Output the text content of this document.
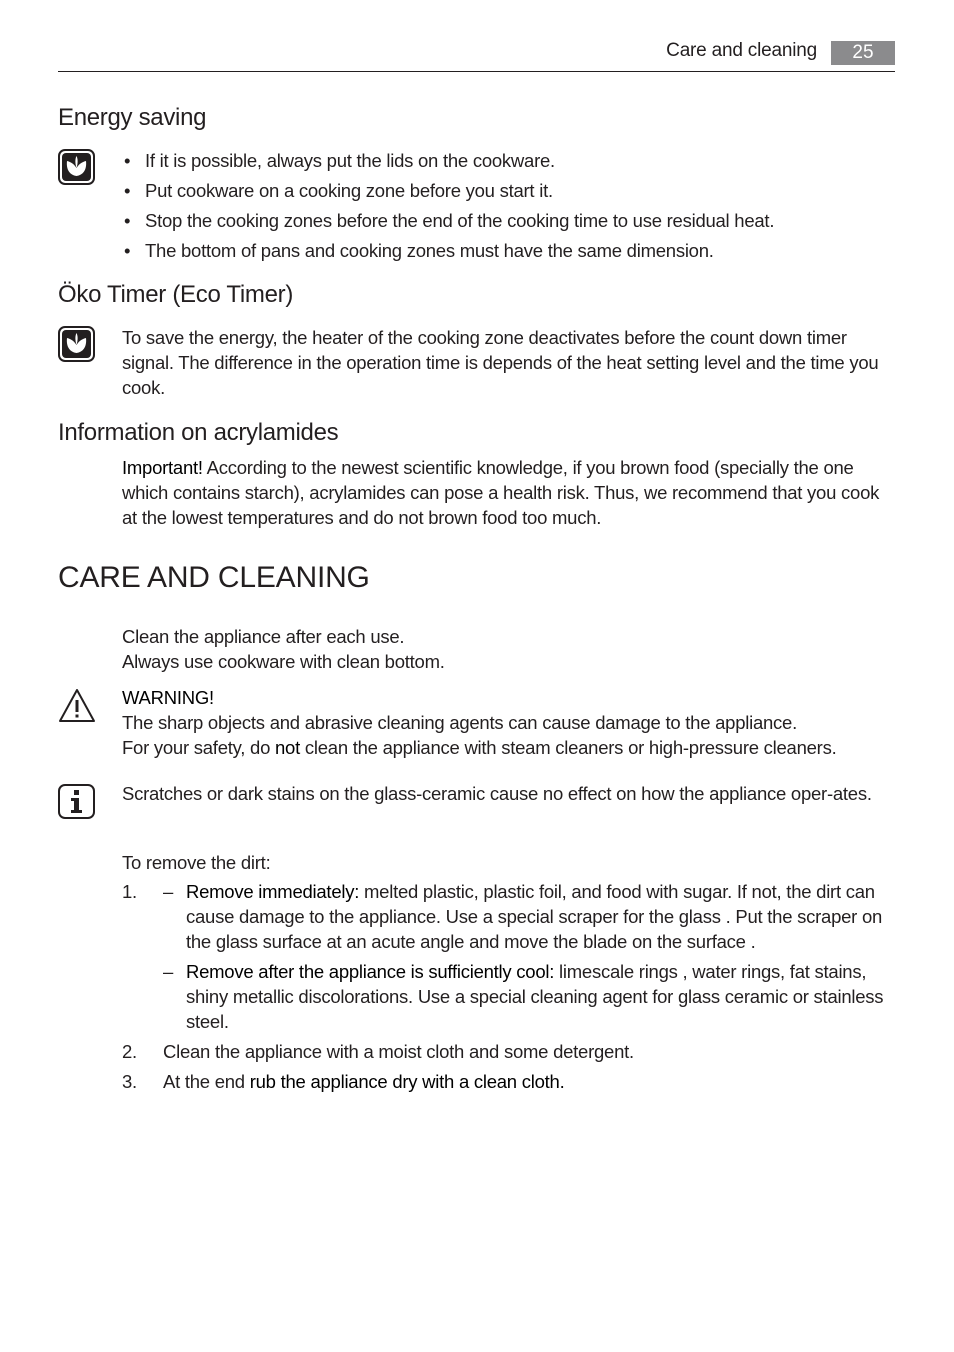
Care and cleaning	25
Energy saving
• If it is possible, always put the lids on the cookware.
• Put cookware on a cooking zone before you start it.
• Stop the cooking zones before the end of the cooking time to use residual heat.
• The bottom of pans and cooking zones must have the same dimension.
Öko Timer (Eco Timer)
To save the energy, the heater of the cooking zone deactivates before the count down timer signal. The difference in the operation time is depends of the heat setting level and the time you cook.
Information on acrylamides
Important! According to the newest scientific knowledge, if you brown food (specially the one which contains starch), acrylamides can pose a health risk. Thus, we recommend that you cook at the lowest temperatures and do not brown food too much.
CARE AND CLEANING

Clean the appliance after each use.

Always use cookware with clean bottom.

WARNING!

The sharp objects and abrasive cleaning agents can cause damage to the appliance.

For your safety, do not clean the appliance with steam cleaners or high-pressure cleaners.

Scratches or dark stains on the glass-ceramic cause no effect on how the appliance oper-ates.
To remove the dirt:
1. – Remove immediately: melted plastic, plastic foil, and food with sugar. If not, the dirt can cause damage to the appliance. Use a special scraper for the glass . Put the scraper on the glass surface at an acute angle and move the blade on the surface .
– Remove after the appliance is sufficiently cool: limescale rings , water rings, fat stains, shiny metallic discolorations. Use a special cleaning agent for glass ceramic or stainless steel.
2. Clean the appliance with a moist cloth and some detergent.
3. At the end rub the appliance dry with a clean cloth.
